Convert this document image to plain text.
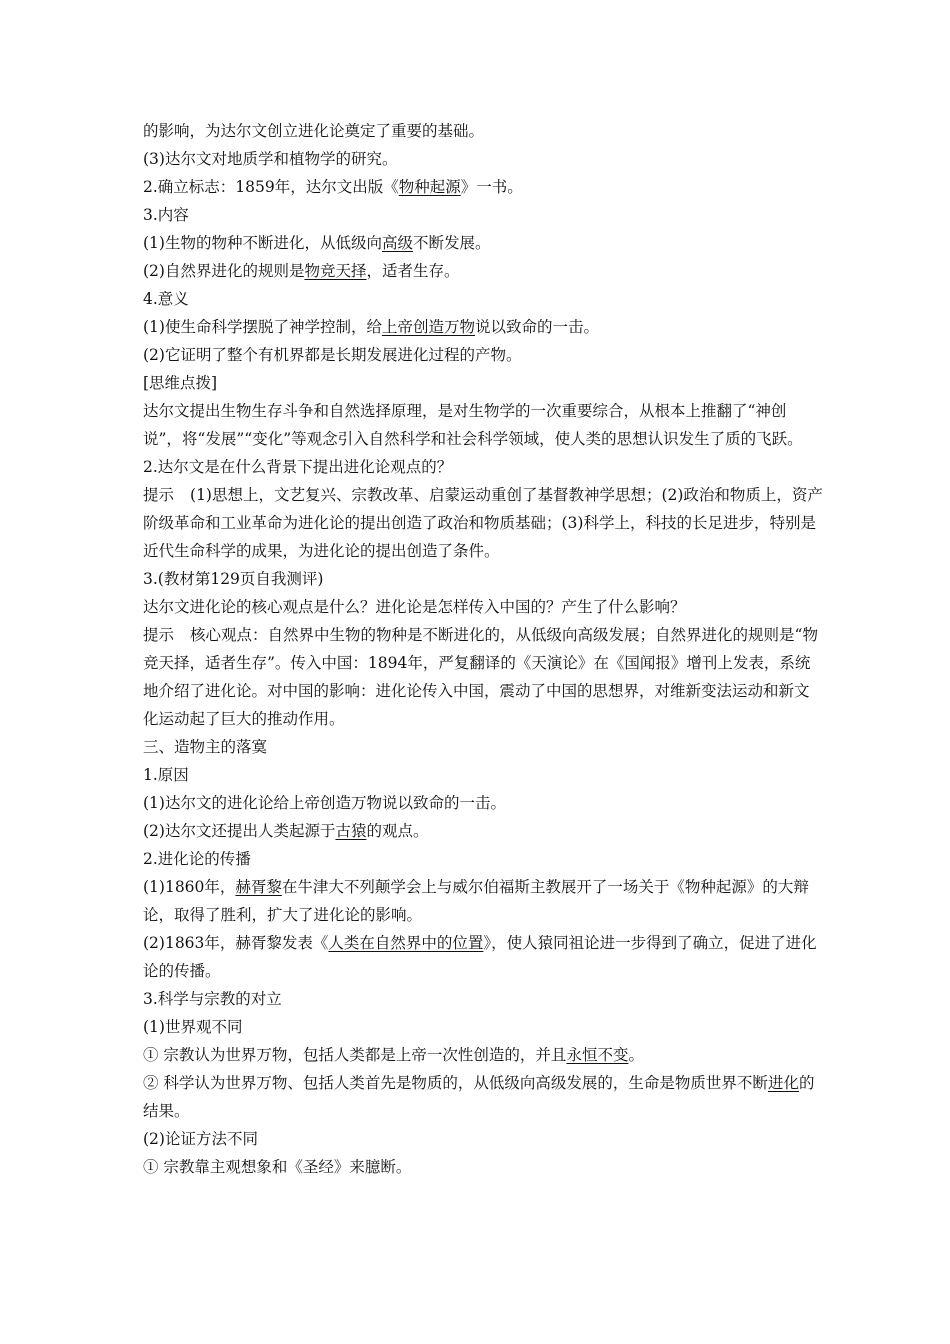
的影响，为达尔文创立进化论奠定了重要的基础。
(3)达尔文对地质学和植物学的研究。
2.确立标志：1859年，达尔文出版《物种起源》一书。
3.内容
(1)生物的物种不断进化，从低级向高级不断发展。
(2)自然界进化的规则是物竞天择，适者生存。
4.意义
(1)使生命科学摆脱了神学控制，给上帝创造万物说以致命的一击。
(2)它证明了整个有机界都是长期发展进化过程的产物。
[思维点拨]
达尔文提出生物生存斗争和自然选择原理，是对生物学的一次重要综合，从根本上推翻了“神创说”，将“发展”“变化”等观念引入自然科学和社会科学领域，使人类的思想认识发生了质的飞跃。
2.达尔文是在什么背景下提出进化论观点的？
提示 (1)思想上，文艺复兴、宗教改革、启蒙运动重创了基督教神学思想；(2)政治和物质上，资产阶级革命和工业革命为进化论的提出创造了政治和物质基础；(3)科学上，科技的长足进步，特别是近代生命科学的成果，为进化论的提出创造了条件。
3.(教材第129页自我测评)
达尔文进化论的核心观点是什么？进化论是怎样传入中国的？产生了什么影响？
提示 核心观点：自然界中生物的物种是不断进化的，从低级向高级发展；自然界进化的规则是“物竞天择，适者生存”。传入中国：1894年，严复翻译的《天演论》在《国闻报》增刊上发表，系统地介绍了进化论。对中国的影响：进化论传入中国，震动了中国的思想界，对维新变法运动和新文化运动起了巨大的推动作用。
三、造物主的落寞
1.原因
(1)达尔文的进化论给上帝创造万物说以致命的一击。
(2)达尔文还提出人类起源于古猿的观点。
2.进化论的传播
(1)1860年，赫胥黎在牛津大不列颠学会上与威尔伯福斯主教展开了一场关于《物种起源》的大辩论，取得了胜利，扩大了进化论的影响。
(2)1863年，赫胥黎发表《人类在自然界中的位置》，使人猿同祖论进一步得到了确立，促进了进化论的传播。
3.科学与宗教的对立
(1)世界观不同
① 宗教认为世界万物，包括人类都是上帝一次性创造的，并且永恒不变。
② 科学认为世界万物、包括人类首先是物质的，从低级向高级发展的，生命是物质世界不断进化的结果。
(2)论证方法不同
① 宗教靠主观想象和《圣经》来臆断。
